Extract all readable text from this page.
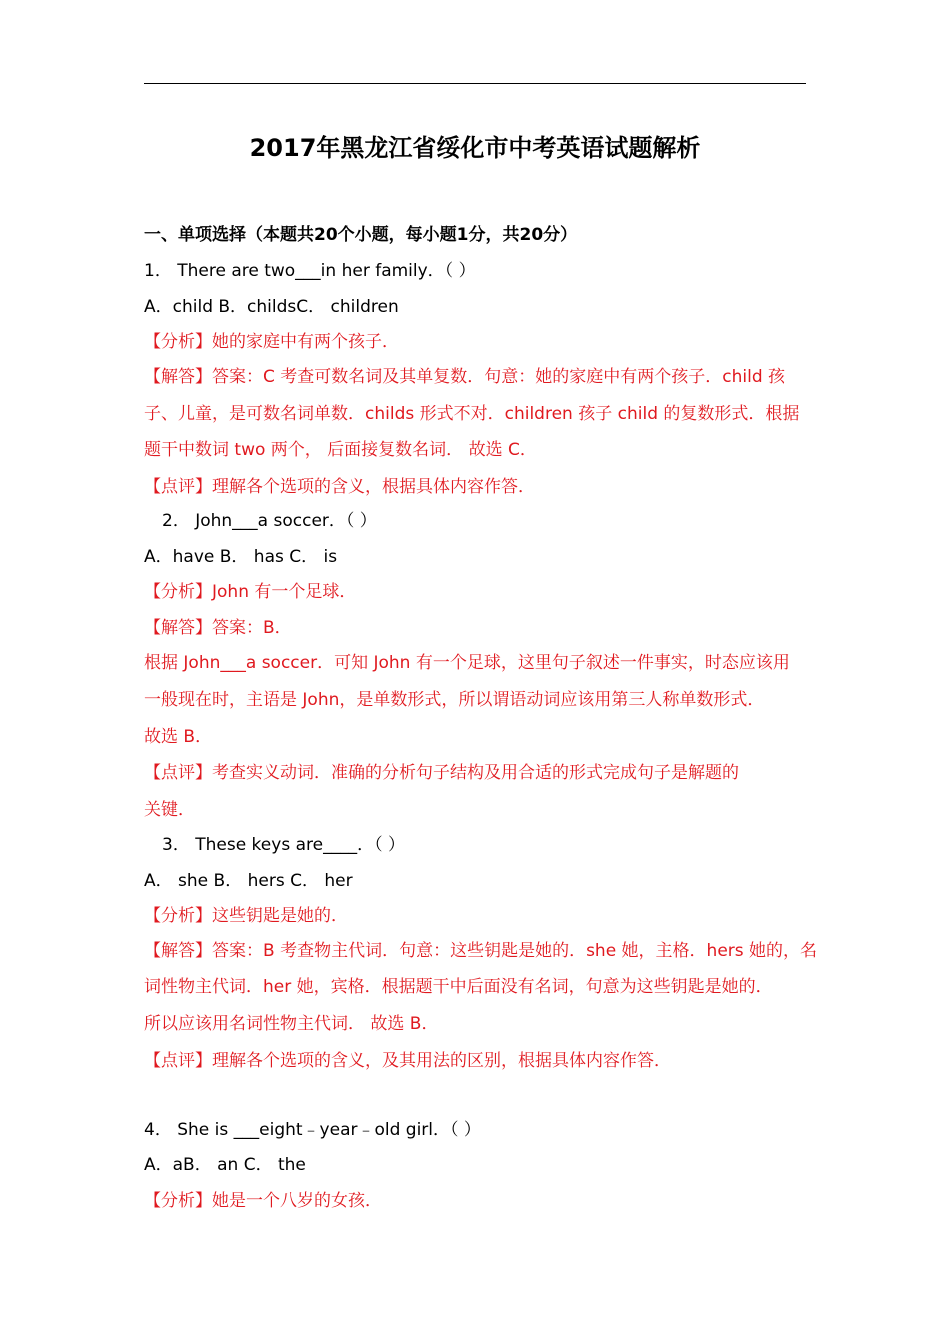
2017年黑龙江省绥化市中考英语试题解析
一、单项选择（本题共20个小题，每小题1分，共20分）
1． There are two___in her family．（ ）
A．child B．childsC． children
【分析】她的家庭中有两个孩子．
【解答】答案：C 考查可数名词及其单复数．句意：她的家庭中有两个孩子．child 孩
子、儿童，是可数名词单数．childs 形式不对．children 孩子 child 的复数形式．根据
题干中数词 two 两个， 后面接复数名词． 故选 C．
【点评】理解各个选项的含义，根据具体内容作答．
2． John___a soccer．（ ）
A．have B． has C． is
【分析】John 有一个足球．
【解答】答案：B．
根据 John___a soccer．可知 John 有一个足球，这里句子叙述一件事实，时态应该用
一般现在时，主语是 John，是单数形式，所以谓语动词应该用第三人称单数形式．
故选 B．
【点评】考查实义动词．准确的分析句子结构及用合适的形式完成句子是解题的
关键．
3． These keys are____．（ ）
A． she B． hers C． her
【分析】这些钥匙是她的．
【解答】答案：B 考查物主代词．句意：这些钥匙是她的．she 她，主格．hers 她的，名
词性物主代词．her 她，宾格．根据题干中后面没有名词，句意为这些钥匙是她的．
所以应该用名词性物主代词． 故选 B．
【点评】理解各个选项的含义，及其用法的区别，根据具体内容作答．
4． She is ___eight﹣year﹣old girl．（ ）
A．aB． an C． the
【分析】她是一个八岁的女孩．
